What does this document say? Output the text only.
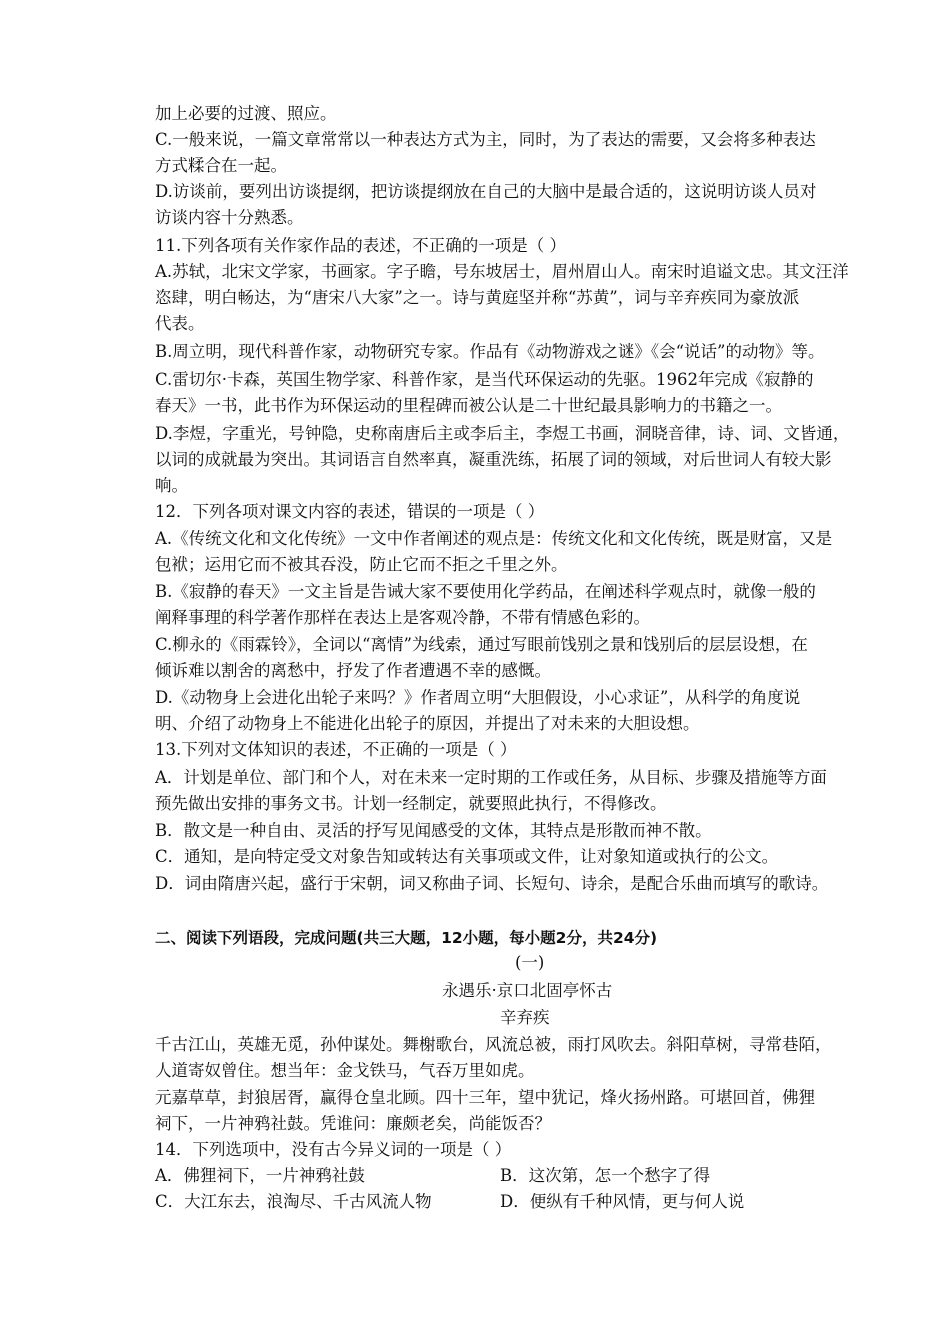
加上必要的过渡、照应。
C.一般来说，一篇文章常常以一种表达方式为主，同时，为了表达的需要，又会将多种表达
方式糅合在一起。
D.访谈前，要列出访谈提纲，把访谈提纲放在自己的大脑中是最合适的，这说明访谈人员对
访谈内容十分熟悉。
11.下列各项有关作家作品的表述，不正确的一项是（ ）
A.苏轼，北宋文学家，书画家。字子瞻，号东坡居士，眉州眉山人。南宋时追谥文忠。其文汪洋
恣肆，明白畅达，为“唐宋八大家”之一。诗与黄庭坚并称“苏黄”，词与辛弃疾同为豪放派
代表。
B.周立明，现代科普作家，动物研究专家。作品有《动物游戏之谜》《会“说话”的动物》等。
C.雷切尔·卡森，英国生物学家、科普作家，是当代环保运动的先驱。1962年完成《寂静的
春天》一书，此书作为环保运动的里程碑而被公认是二十世纪最具影响力的书籍之一。
D.李煜，字重光，号钟隐，史称南唐后主或李后主，李煜工书画，洞晓音律，诗、词、文皆通，
以词的成就最为突出。其词语言自然率真，凝重洗练，拓展了词的领域，对后世词人有较大影
响。
12．下列各项对课文内容的表述，错误的一项是（ ）
A.《传统文化和文化传统》一文中作者阐述的观点是：传统文化和文化传统，既是财富，又是
包袱；运用它而不被其吞没，防止它而不拒之千里之外。
B.《寂静的春天》一文主旨是告诫大家不要使用化学药品，在阐述科学观点时，就像一般的
阐释事理的科学著作那样在表达上是客观冷静，不带有情感色彩的。
C.柳永的《雨霖铃》，全词以“离情”为线索，通过写眼前饯别之景和饯别后的层层设想，在
倾诉难以割舍的离愁中，抒发了作者遭遇不幸的感慨。
D.《动物身上会进化出轮子来吗？》作者周立明“大胆假设，小心求证”，从科学的角度说
明、介绍了动物身上不能进化出轮子的原因，并提出了对未来的大胆设想。
13.下列对文体知识的表述，不正确的一项是（ ）
A．计划是单位、部门和个人，对在未来一定时期的工作或任务，从目标、步骤及措施等方面
预先做出安排的事务文书。计划一经制定，就要照此执行，不得修改。
B．散文是一种自由、灵活的抒写见闻感受的文体，其特点是形散而神不散。
C．通知，是向特定受文对象告知或转达有关事项或文件，让对象知道或执行的公文。
D．词由隋唐兴起，盛行于宋朝，词又称曲子词、长短句、诗余，是配合乐曲而填写的歌诗。
二、阅读下列语段，完成问题(共三大题，12小题，每小题2分，共24分)
(一)
永遇乐·京口北固亭怀古
辛弃疾
千古江山，英雄无觅，孙仲谋处。舞榭歌台，风流总被，雨打风吹去。斜阳草树，寻常巷陌，
人道寄奴曾住。想当年：金戈铁马，气吞万里如虎。
元嘉草草，封狼居胥，赢得仓皇北顾。四十三年，望中犹记，烽火扬州路。可堪回首，佛狸
祠下，一片神鸦社鼓。凭谁问：廉颇老矣，尚能饭否？
14．下列选项中，没有古今异义词的一项是（ ）
A．佛狸祠下，一片神鸦社鼓	B．这次第，怎一个愁字了得
C．大江东去，浪淘尽、千古风流人物	D．便纵有千种风情，更与何人说
